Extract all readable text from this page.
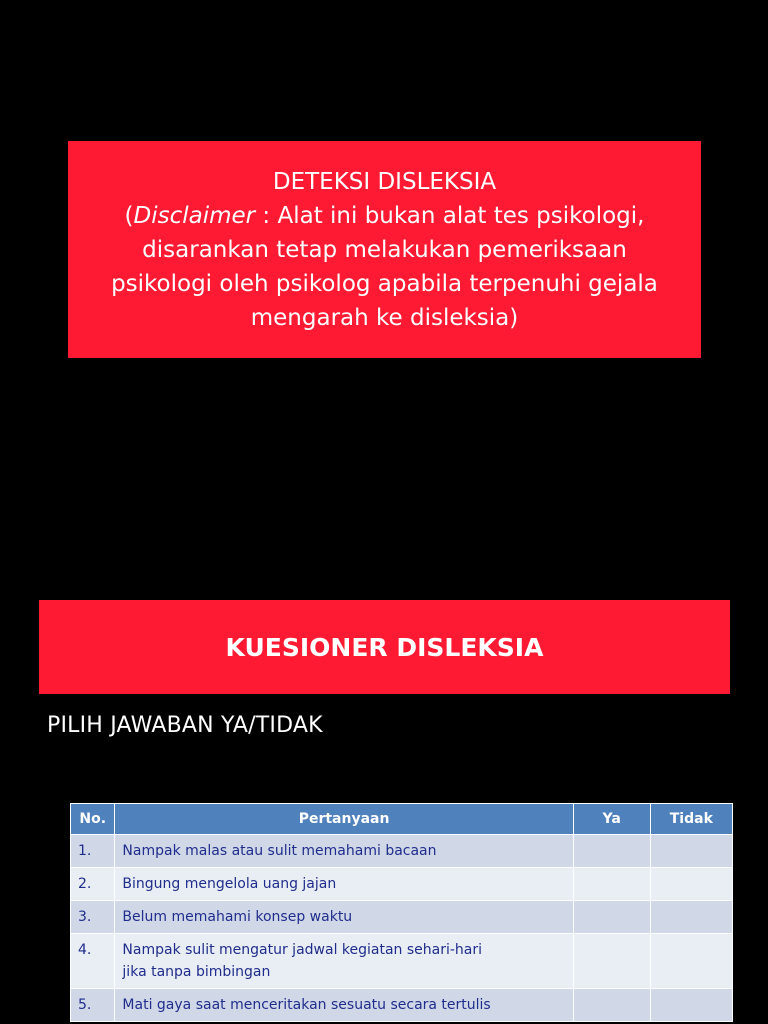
DETEKSI DISLEKSIA
(Disclaimer : Alat ini bukan alat tes psikologi,
disarankan tetap melakukan pemeriksaan
psikologi oleh psikolog apabila terpenuhi gejala
mengarah ke disleksia)
KUESIONER DISLEKSIA
PILIH JAWABAN YA/TIDAK
No.	Pertanyaan	Ya	Tidak
1.	Nampak malas atau sulit memahami bacaan		
2.	Bingung mengelola uang jajan		
3.	Belum memahami konsep waktu		
4.	Nampak sulit mengatur jadwal kegiatan sehari-hari
jika tanpa bimbingan		
5.	Mati gaya saat menceritakan sesuatu secara tertulis		
